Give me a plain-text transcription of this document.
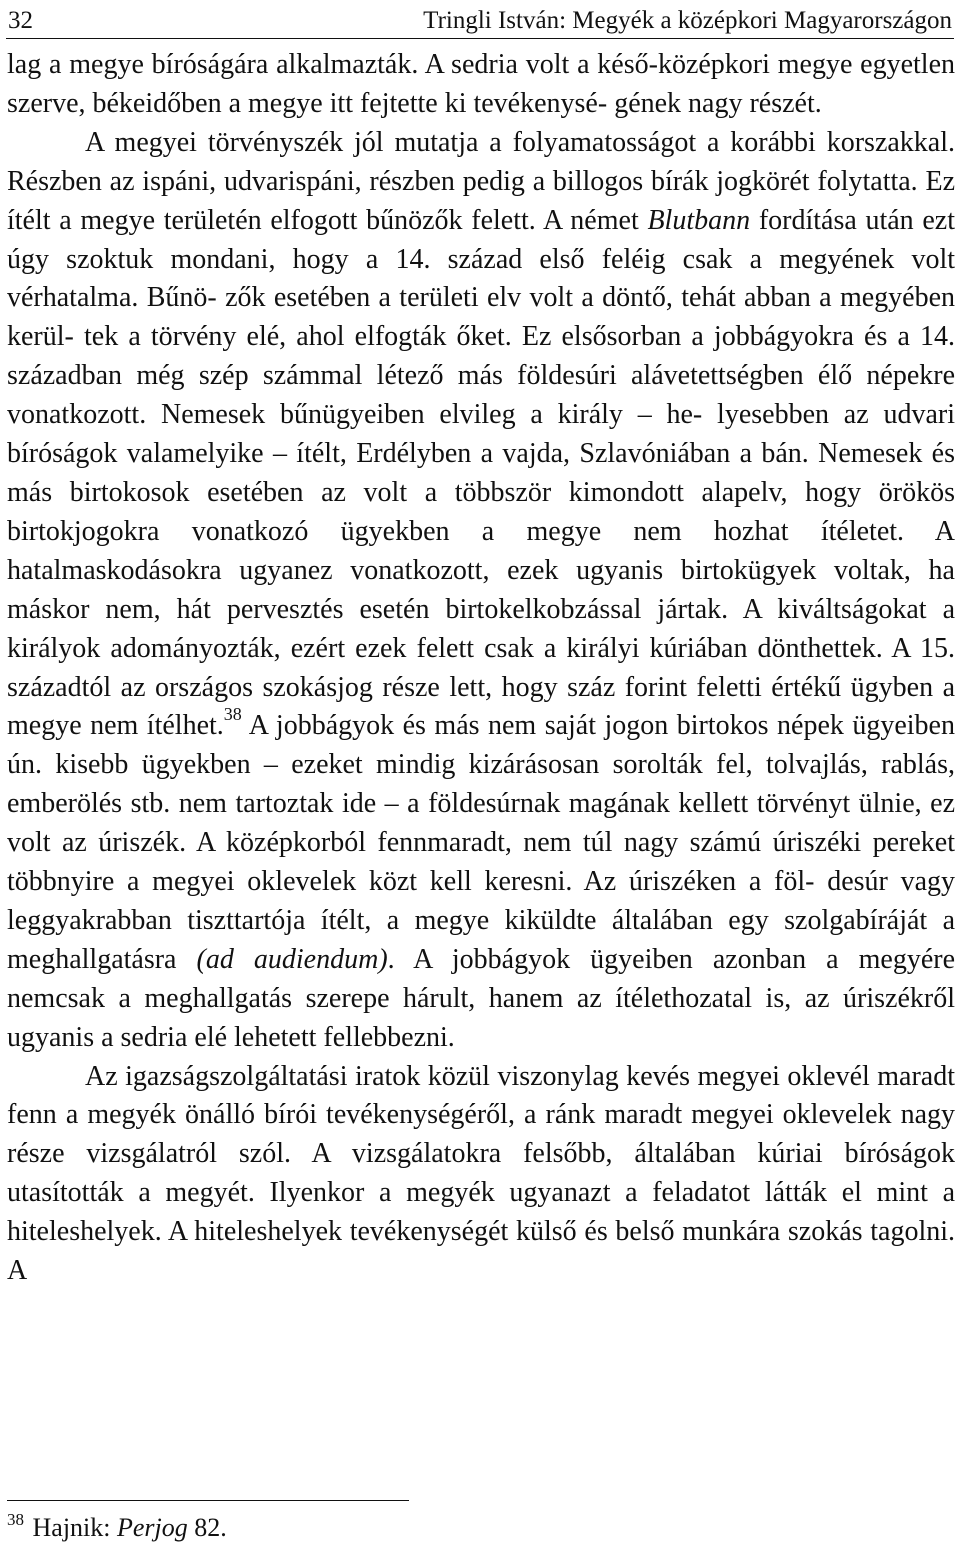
32	Tringli István: Megyék a középkori Magyarországon

lag a megye bíróságára alkalmazták. A sedria volt a késő-középkori megye egyetlen szerve, békeidőben a megye itt fejtette ki tevékenysé- gének nagy részét.

A megyei törvényszék jól mutatja a folyamatosságot a korábbi korszakkal. Részben az ispáni, udvarispáni, részben pedig a billogos bírák jogkörét folytatta. Ez ítélt a megye területén elfogott bűnözők felett. A német Blutbann fordítása után ezt úgy szoktuk mondani, hogy a 14. század első feléig csak a megyének volt vérhatalma. Bűnö- zők esetében a területi elv volt a döntő, tehát abban a megyében kerül- tek a törvény elé, ahol elfogták őket. Ez elsősorban a jobbágyokra és a 14. században még szép számmal létező más földesúri alávetettségben élő népekre vonatkozott. Nemesek bűnügyeiben elvileg a király – he- lyesebben az udvari bíróságok valamelyike – ítélt, Erdélyben a vajda, Szlavóniában a bán. Nemesek és más birtokosok esetében az volt a többször kimondott alapelv, hogy örökös birtokjogokra vonatkozó ügyekben a megye nem hozhat ítéletet. A hatalmaskodásokra ugyanez vonatkozott, ezek ugyanis birtokügyek voltak, ha máskor nem, hát pervesztés esetén birtokelkobzással jártak. A kiváltságokat a királyok adományozták, ezért ezek felett csak a királyi kúriában dönthettek. A 15. századtól az országos szokásjog része lett, hogy száz forint feletti értékű ügyben a megye nem ítélhet.$^{38}$ A jobbágyok és más nem saját jogon birtokos népek ügyeiben ún. kisebb ügyekben – ezeket mindig kizárásosan sorolták fel, tolvajlás, rablás, emberölés stb. nem tartoztak ide – a földesúrnak magának kellett törvényt ülnie, ez volt az úriszék. A középkorból fennmaradt, nem túl nagy számú úriszéki pereket többnyire a megyei oklevelek közt kell keresni. Az úriszéken a föl- desúr vagy leggyakrabban tiszttartója ítélt, a megye kiküldte általában egy szolgabíráját a meghallgatásra (ad audiendum). A jobbágyok ügyeiben azonban a megyére nemcsak a meghallgatás szerepe hárult, hanem az ítélethozatal is, az úriszékről ugyanis a sedria elé lehetett fellebbezni.

Az igazságszolgáltatási iratok közül viszonylag kevés megyei oklevél maradt fenn a megyék önálló bírói tevékenységéről, a ránk maradt megyei oklevelek nagy része vizsgálatról szól. A vizsgálatokra felsőbb, általában kúriai bíróságok utasították a megyét. Ilyenkor a megyék ugyanazt a feladatot látták el mint a hiteleshelyek. A hiteleshelyek tevékenységét külső és belső munkára szokás tagolni. A

$^{38}$ Hajnik: Perjog 82.
